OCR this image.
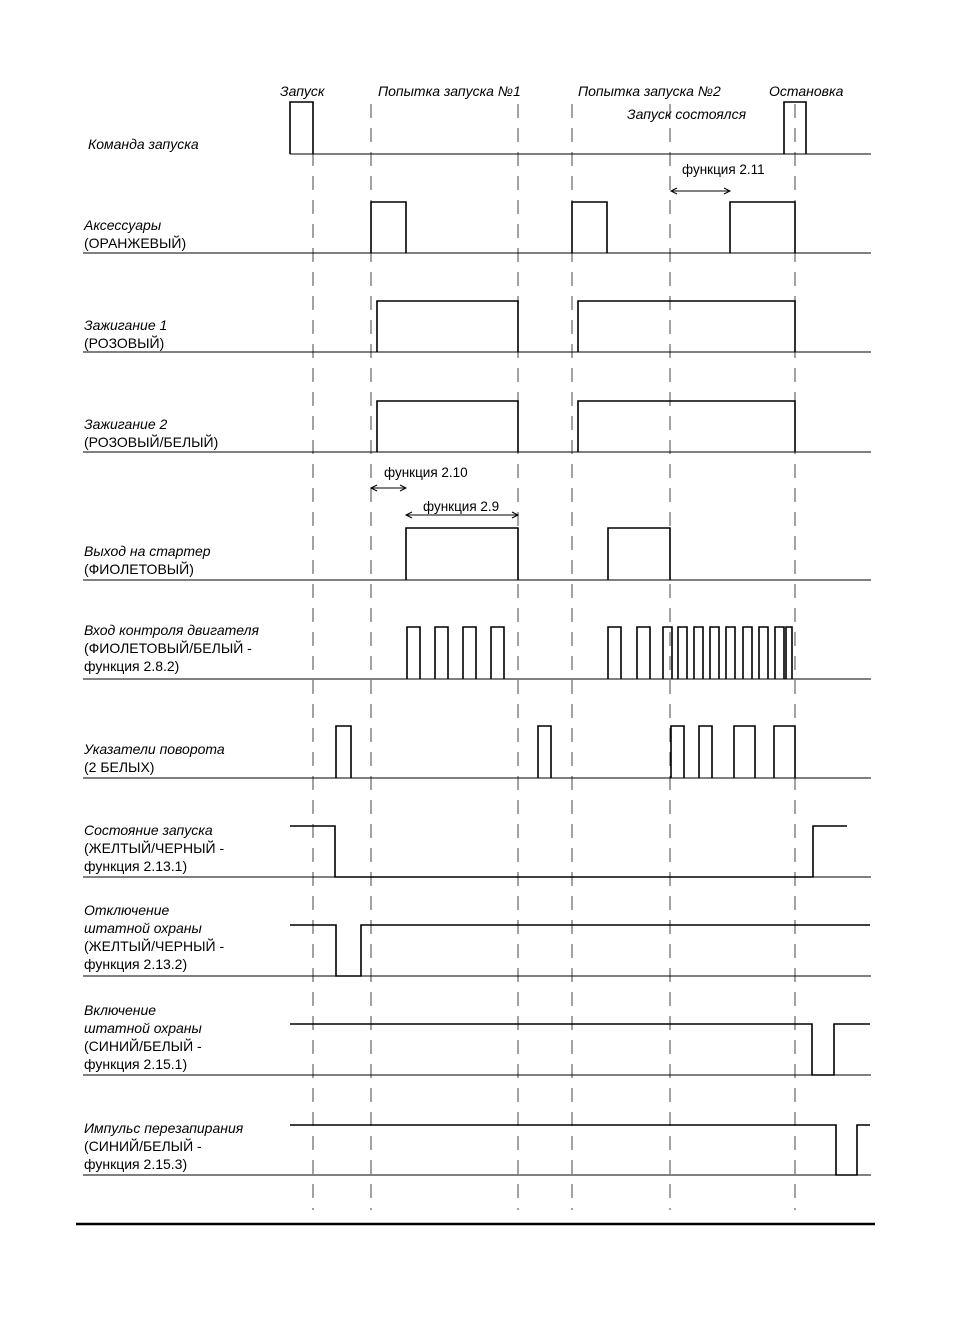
Запуск	Попытка запуска №1	Попытка запуска №2	Остановка
Запуск состоялся
функция 2.10
функция 2.9
функция 2.11
Команда запуска
Аксессуары (ОРАНЖЕВЫЙ)
Зажигание 1 (РОЗОВЫЙ)
Зажигание 2 (РОЗОВЫЙ/БЕЛЫЙ)
Выход на стартер (ФИОЛЕТОВЫЙ)
Вход контроля двигателя (ФИОЛЕТОВЫЙ/БЕЛЫЙ -функция 2.8.2)
Указатели поворота (2 БЕЛЫХ)
Состояние запуска (ЖЕЛТЫЙ/ЧЕРНЫЙ -функция 2.13.1)
Отключение штатной охраны (ЖЕЛТЫЙ/ЧЕРНЫЙ -функция 2.13.2)
Включение штатной охраны (СИНИЙ/БЕЛЫЙ -функция 2.15.1)
Импульс перезапирания (СИНИЙ/БЕЛЫЙ -функция 2.15.3)
